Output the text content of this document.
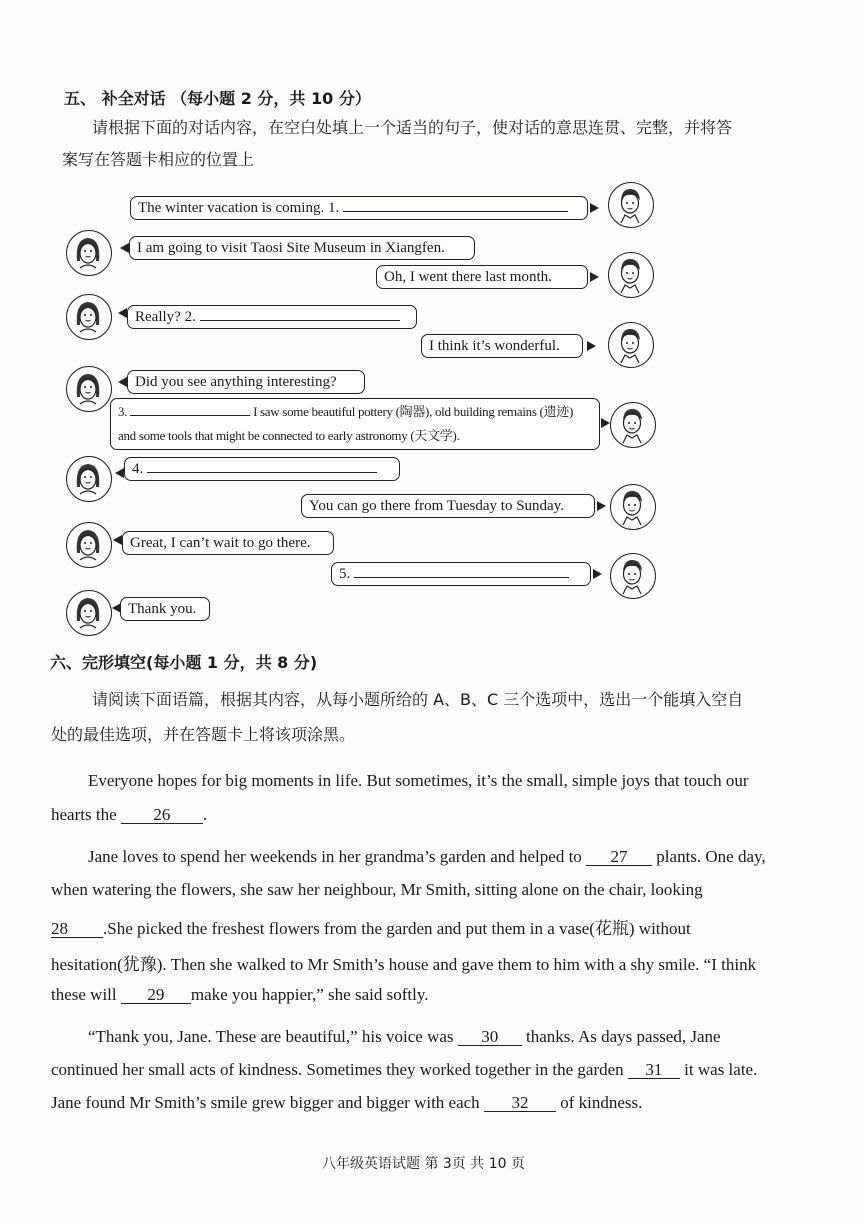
五、 补全对话 （每小题 2 分，共 10 分）
请根据下面的对话内容，在空白处填上一个适当的句子，使对话的意思连贯、完整，并将答
案写在答题卡相应的位置上
The winter vacation is coming. 1.
I am going to visit Taosi Site Museum in Xiangfen.
Oh, I went there last month.
Really? 2.
I think it’s wonderful.
Did you see anything interesting?
3.	I saw some beautiful pottery (陶器), old building remains (遗迹) and some tools that might be connected to early astronomy (天文学).
4.
You can go there from Tuesday to Sunday.
Great, I can’t wait to go there.
5.
Thank you.
六、完形填空(每小题 1 分，共 8 分)
请阅读下面语篇，根据其内容，从每小题所给的 A、B、C 三个选项中，选出一个能填入空自
处的最佳选项，并在答题卡上将该项涂黑。
Everyone hopes for big moments in life. But sometimes, it’s the small, simple joys that touch our
hearts the 26 .
Jane loves to spend her weekends in her grandma’s garden and helped to 27 plants. One day,
when watering the flowers, she saw her neighbour, Mr Smith, sitting alone on the chair, looking
28 .She picked the freshest flowers from the garden and put them in a vase(花瓶) without
hesitation(犹豫). Then she walked to Mr Smith’s house and gave them to him with a shy smile. “I think
these will 29 make you happier,” she said softly.
“Thank you, Jane. These are beautiful,” his voice was 30 thanks. As days passed, Jane
continued her small acts of kindness. Sometimes they worked together in the garden 31 it was late.
Jane found Mr Smith’s smile grew bigger and bigger with each 32 of kindness.
八年级英语试题 第 3页 共 10 页
